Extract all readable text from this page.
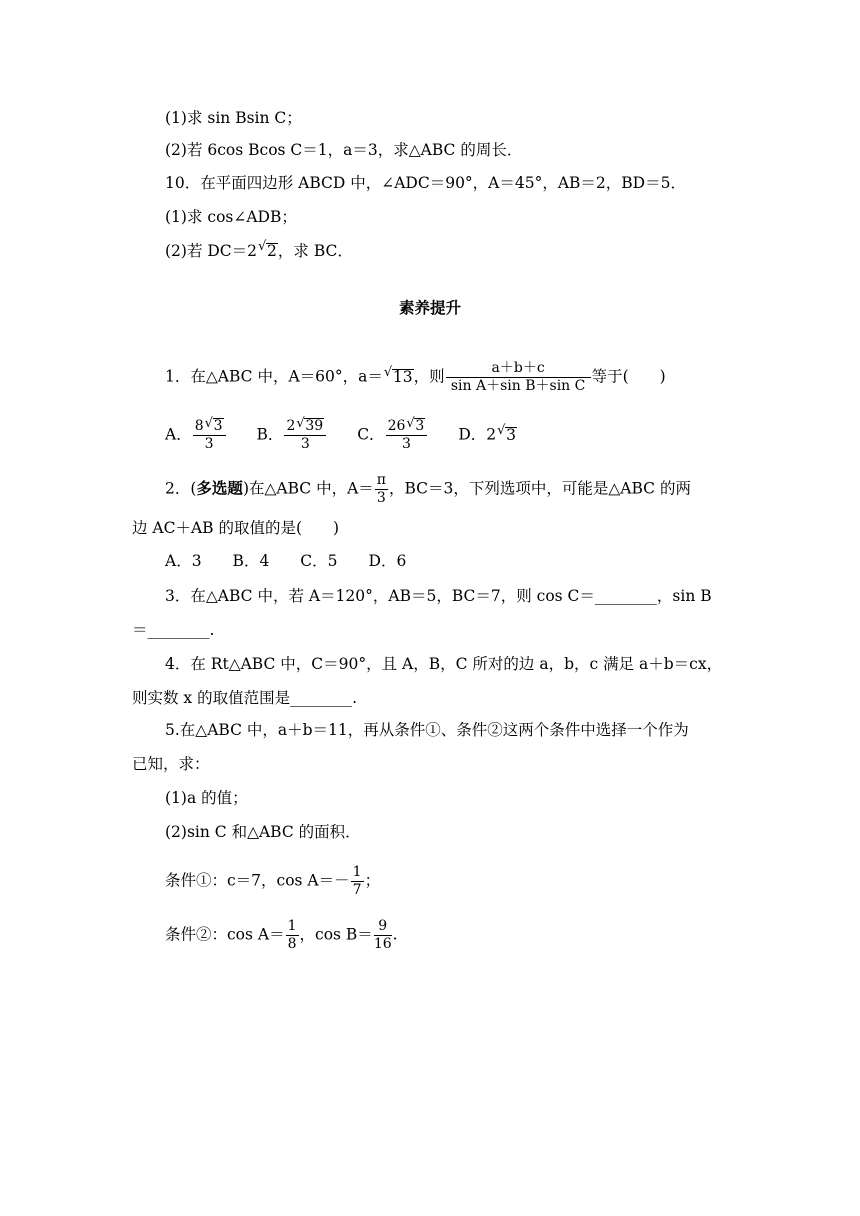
(1)求 sin Bsin C；
(2)若 6cos Bcos C＝1，a＝3，求△ABC 的周长．
10．在平面四边形 ABCD 中，∠ADC＝90°，A＝45°，AB＝2，BD＝5．
(1)求 cos∠ADB；
(2)若 DC＝2 √ 2，求 BC．
素养提升
1．在△ABC 中，A＝60°，a＝ √ 13，则 $\frac{a+b+c}{\text{sin A＋sin B＋sin C}}$ 等于(　　)
A． $\frac{8 √ 3}{3}$ B． $\frac{2 √ 39}{3}$ C． $\frac{26 √ 3}{3}$ D．2 √ 3
2．(多选题)在△ABC 中，$A= \frac{\pi}{3}$ ，BC＝3，下列选项中，可能是△ABC 的两
边 AC＋AB 的取值的是(　　)
A．3　　B．4　　C．5　　D．6
3．在△ABC 中，若 A＝120°，AB＝5，BC＝7，则 cos C＝________，sin B
＝________.
4．在 Rt△ABC 中，C＝90°，且 A，B，C 所对的边 a，b，c 满足 a＋b＝cx，
则实数 x 的取值范围是________.
5.在△ABC 中，a＋b＝11，再从条件①、条件②这两个条件中选择一个作为
已知，求：
(1)a 的值；
(2)sin C 和△ABC 的面积．
条件①：c＝7，$\cos A=- \frac{1}{7}$ ；
条件②：$\cos A= \frac{1}{8}$ ，$\cos B= \frac{9}{16}$ .
